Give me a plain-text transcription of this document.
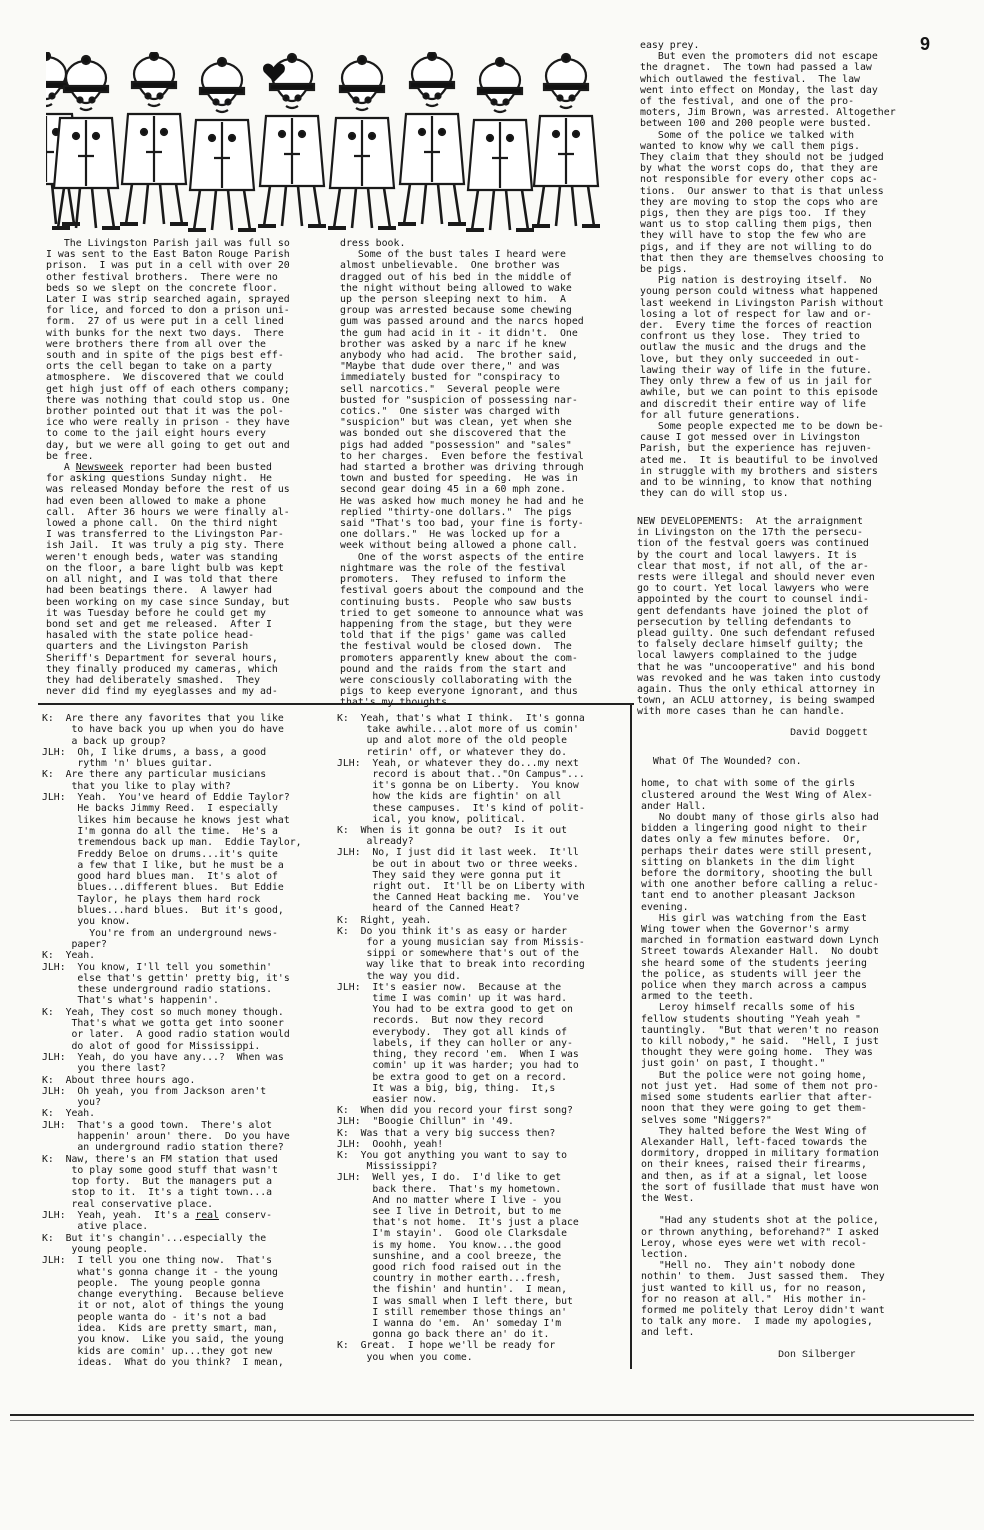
9
The Livingston Parish jail was full so
I was sent to the East Baton Rouge Parish
prison.  I was put in a cell with over 20
other festival brothers.  There were no
beds so we slept on the concrete floor.
Later I was strip searched again, sprayed
for lice, and forced to don a prison uni-
form.  27 of us were put in a cell lined
with bunks for the next two days.  There
were brothers there from all over the
south and in spite of the pigs best eff-
orts the cell began to take on a party
atmosphere.  We discovered that we could
get high just off of each others company;
there was nothing that could stop us. One
brother pointed out that it was the pol-
ice who were really in prison - they have
to come to the jail eight hours every
day, but we were all going to get out and
be free.
A Newsweek reporter had been busted
for asking questions Sunday night.  He
was released Monday before the rest of us
had even been allowed to make a phone
call.  After 36 hours we were finally al-
lowed a phone call.  On the third night
I was transferred to the Livingston Par-
ish Jail.  It was truly a pig sty. There
weren't enough beds, water was standing
on the floor, a bare light bulb was kept
on all night, and I was told that there
had been beatings there.  A lawyer had
been working on my case since Sunday, but
it was Tuesday before he could get my
bond set and get me released.  After I
hasaled with the state police head-
quarters and the Livingston Parish
Sheriff's Department for several hours,
they finally produced my cameras, which
they had deliberately smashed.  They
never did find my eyeglasses and my ad-
dress book.
Some of the bust tales I heard were
almost unbelievable.  One brother was
dragged out of his bed in the middle of
the night without being allowed to wake
up the person sleeping next to him.  A
group was arrested because some chewing
gum was passed around and the narcs hoped
the gum had acid in it - it didn't.  One
brother was asked by a narc if he knew
anybody who had acid.  The brother said,
"Maybe that dude over there," and was
immediately busted for "conspiracy to
sell narcotics."  Several people were
busted for "suspicion of possessing nar-
cotics."  One sister was charged with
"suspicion" but was clean, yet when she
was bonded out she discovered that the
pigs had added "possession" and "sales"
to her charges.  Even before the festival
had started a brother was driving through
town and busted for speeding.  He was in
second gear doing 45 in a 60 mph zone.
He was asked how much money he had and he
replied "thirty-one dollars."  The pigs
said "That's too bad, your fine is forty-
one dollars."  He was locked up for a
week without being allowed a phone call.
One of the worst aspects of the entire
nightmare was the role of the festival
promoters.  They refused to inform the
festival goers about the compound and the
continuing busts.  People who saw busts
tried to get someone to announce what was
happening from the stage, but they were
told that if the pigs' game was called
the festival would be closed down.  The
promoters apparently knew about the com-
pound and the raids from the start and
were consciously collaborating with the
pigs to keep everyone ignorant, and thus

easy prey.
But even the promoters did not escape
the dragnet.  The town had passed a law
which outlawed the festival.  The law
went into effect on Monday, the last day
of the festival, and one of the pro-
moters, Jim Brown, was arrested. Altogether
between 100 and 200 people were busted.
Some of the police we talked with
wanted to know why we call them pigs.
They claim that they should not be judged
by what the worst cops do, that they are
not responsible for every other cops ac-
tions.  Our answer to that is that unless
they are moving to stop the cops who are
pigs, then they are pigs too.  If they
want us to stop calling them pigs, then
they will have to stop the few who are
pigs, and if they are not willing to do
that then they are themselves choosing to
be pigs.
Pig nation is destroying itself.  No
young person could witness what happened
last weekend in Livingston Parish without
losing a lot of respect for law and or-
der.  Every time the forces of reaction
confront us they lose.  They tried to
outlaw the music and the drugs and the
love, but they only succeeded in out-
lawing their way of life in the future.
They only threw a few of us in jail for
awhile, but we can point to this episode
and discredit their entire way of life
for all future generations.
Some people expected me to be down be-
cause I got messed over in Livingston
Parish, but the experience has rejuven-
ated me.  It is beautiful to be involved
in struggle with my brothers and sisters
and to be winning, to know that nothing
they can do will stop us.
NEW DEVELOPEMENTS:  At the arraignment
in Livingston on the 17th the persecu-
tion of the festval goers was continued
by the court and local lawyers. It is
clear that most, if not all, of the ar-
rests were illegal and should never even
go to court. Yet local lawyers who were
appointed by the court to counsel indi-
gent defendants have joined the plot of
persecution by telling defendants to
plead guilty. One such defendant refused
to falsely declare himself guilty; the
local lawyers complained to the judge
that he was "uncooperative" and his bond
was revoked and he was taken into custody
again. Thus the only ethical attorney in
town, an ACLU attorney, is being swamped
with more cases than he can handle.
David Doggett
What Of The Wounded? con.

home, to chat with some of the girls
clustered around the West Wing of Alex-
ander Hall.
No doubt many of those girls also had
bidden a lingering good night to their
dates only a few minutes before.  Or,
perhaps their dates were still present,
sitting on blankets in the dim light
before the dormitory, shooting the bull
with one another before calling a reluc-
tant end to another pleasant Jackson
evening.
His girl was watching from the East
Wing tower when the Governor's army
marched in formation eastward down Lynch
Street towards Alexander Hall.  No doubt
she heard some of the students jeering
the police, as students will jeer the
police when they march across a campus
armed to the teeth.
Leroy himself recalls some of his
fellow students shouting "Yeah yeah "
tauntingly.  "But that weren't no reason
to kill nobody," he said.  "Hell, I just
thought they were going home.  They was
just goin' on past, I thought."
But the police were not going home,
not just yet.  Had some of them not pro-
mised some students earlier that after-
noon that they were going to get them-
selves some "Niggers?"
They halted before the West Wing of
Alexander Hall, left-faced towards the
dormitory, dropped in military formation
on their knees, raised their firearms,
and then, as if at a signal, let loose
the sort of fusillade that must have won
the West.

"Had any students shot at the police,
or thrown anything, beforehand?" I asked
Leroy, whose eyes were wet with recol-
lection.
"Hell no.  They ain't nobody done
nothin' to them.  Just sassed them.  They
just wanted to kill us, for no reason,
for no reason at all."  His mother in-
formed me politely that Leroy didn't want
to talk any more.  I made my apologies,
and left.
Don Silberger
K:  Are there any favorites that you like
to have back you up when you do have
a back up group?
JLH:  Oh, I like drums, a bass, a good
rythm 'n' blues guitar.
K:  Are there any particular musicians
that you like to play with?
JLH:  Yeah.  You've heard of Eddie Taylor?
He backs Jimmy Reed.  I especially
likes him because he knows jest what
I'm gonna do all the time.  He's a
tremendous back up man.  Eddie Taylor,
Freddy Beloe on drums...it's quite
a few that I like, but he must be a
good hard blues man.  It's alot of
blues...different blues.  But Eddie
Taylor, he plays them hard rock
blues...hard blues.  But it's good,
you know.
You're from an underground news-
paper?
K:  Yeah.
JLH:  You know, I'll tell you somethin'
else that's gettin' pretty big, it's
these underground radio stations.
That's what's happenin'.
K:  Yeah, They cost so much money though.
That's what we gotta get into sooner
or later.  A good radio station would
do alot of good for Mississippi.
JLH:  Yeah, do you have any...?  When was
you there last?
K:  About three hours ago.
JLH:  Oh yeah, you from Jackson aren't
you?
K:  Yeah.
JLH:  That's a good town.  There's alot
happenin' aroun' there.  Do you have
an underground radio station there?
K:  Naw, there's an FM station that used
to play some good stuff that wasn't
top forty.  But the managers put a
stop to it.  It's a tight town...a
real conservative place.
JLH:  Yeah, yeah.  It's a real conserv-
ative place.
K:  But it's changin'...especially the
young people.
JLH:  I tell you one thing now.  That's
what's gonna change it - the young
people.  The young people gonna
change everything.  Because believe
it or not, alot of things the young
people wanta do - it's not a bad
idea.  Kids are pretty smart, man,
you know.  Like you said, the young
kids are comin' up...they got new
ideas.  What do you think?  I mean,
K:  Yeah, that's what I think.  It's gonna
take awhile...alot more of us comin'
up and alot more of the old people
retirin' off, or whatever they do.
JLH:  Yeah, or whatever they do...my next
record is about that.."On Campus"...
it's gonna be on Liberty.  You know
how the kids are fightin' on all
these campuses.  It's kind of polit-
ical, you know, political.
K:  When is it gonna be out?  Is it out
already?
JLH:  No, I just did it last week.  It'll
be out in about two or three weeks.
They said they were gonna put it
right out.  It'll be on Liberty with
the Canned Heat backing me.  You've
heard of the Canned Heat?
K:  Right, yeah.
K:  Do you think it's as easy or harder
for a young musician say from Missis-
sippi or somewhere that's out of the
way like that to break into recording
the way you did.
JLH:  It's easier now.  Because at the
time I was comin' up it was hard.
You had to be extra good to get on
records.  But now they record
everybody.  They got all kinds of
labels, if they can holler or any-
thing, they record 'em.  When I was
comin' up it was harder; you had to
be extra good to get on a record.
It was a big, big, thing.  It,s
easier now.
K:  When did you record your first song?
JLH:  "Boogie Chillun" in '49.
K:  Was that a very big success then?
JLH:  Ooohh, yeah!
K:  You got anything you want to say to
Mississippi?
JLH:  Well yes, I do.  I'd like to get
back there.  That's my hometown.
And no matter where I live - you
see I live in Detroit, but to me
that's not home.  It's just a place
I'm stayin'.  Good ole Clarksdale
is my home.  You know...the good
sunshine, and a cool breeze, the
good rich food raised out in the
country in mother earth...fresh,
the fishin' and huntin'.  I mean,
I was small when I left there, but
I still remember those things an'
I wanna do 'em.  An' someday I'm
gonna go back there an' do it.
K:  Great.  I hope we'll be ready for
you when you come.
